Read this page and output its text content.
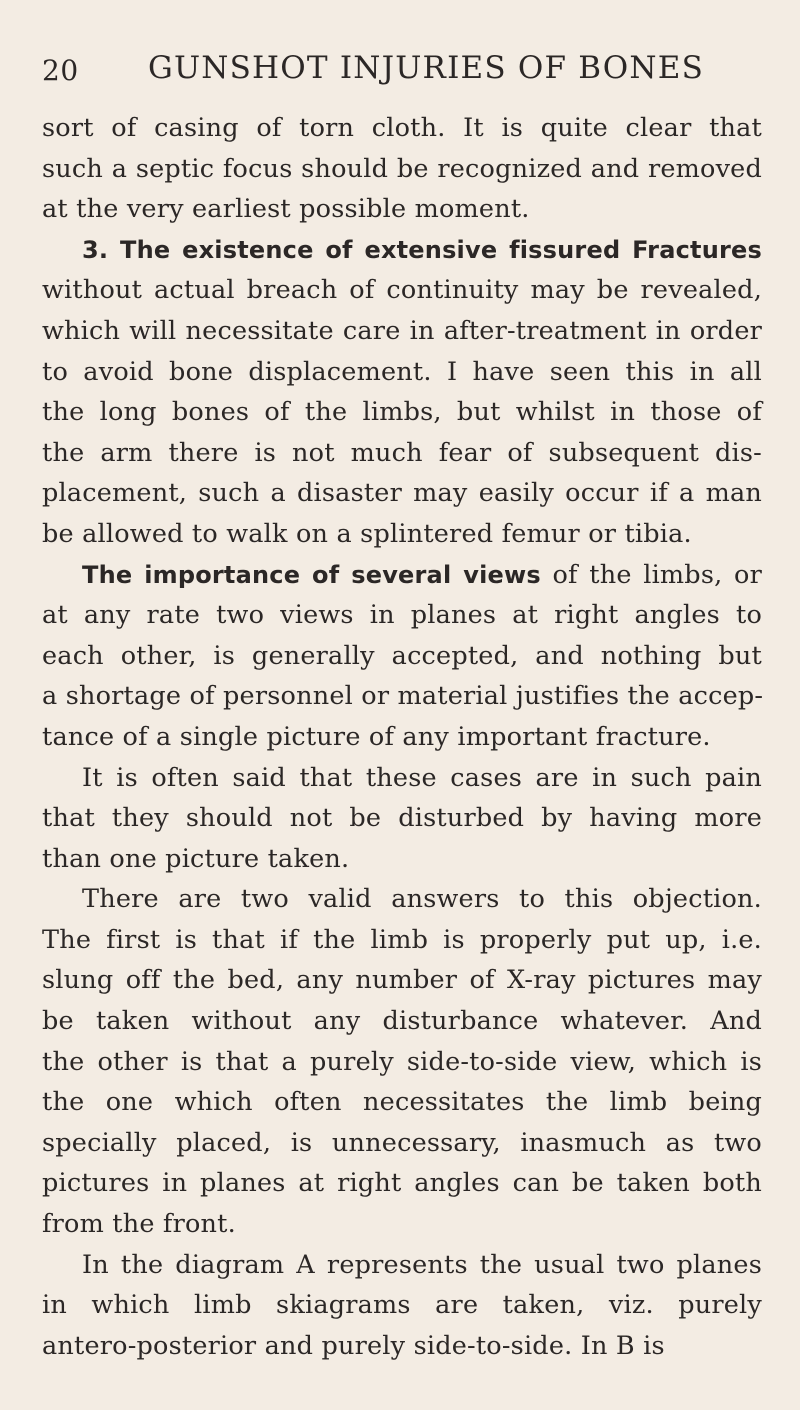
20 GUNSHOT INJURIES OF BONES
sort of casing of torn cloth. It is quite clear that
such a septic focus should be recognized and removed
at the very earliest possible moment.
3. The existence of extensive fissured Fractures
without actual breach of continuity may be revealed,
which will necessitate care in after-treatment in order
to avoid bone displacement. I have seen this in all
the long bones of the limbs, but whilst in those of
the arm there is not much fear of subsequent dis-
placement, such a disaster may easily occur if a man
be allowed to walk on a splintered femur or tibia.
The importance of several views of the limbs, or
at any rate two views in planes at right angles to
each other, is generally accepted, and nothing but
a shortage of personnel or material justifies the accep-
tance of a single picture of any important fracture.
It is often said that these cases are in such pain
that they should not be disturbed by having more
than one picture taken.
There are two valid answers to this objection.
The first is that if the limb is properly put up, i.e.
slung off the bed, any number of X-ray pictures may
be taken without any disturbance whatever. And
the other is that a purely side-to-side view, which is
the one which often necessitates the limb being
specially placed, is unnecessary, inasmuch as two
pictures in planes at right angles can be taken both
from the front.
In the diagram A represents the usual two planes
in which limb skiagrams are taken, viz. purely
antero-posterior and purely side-to-side. In B is
